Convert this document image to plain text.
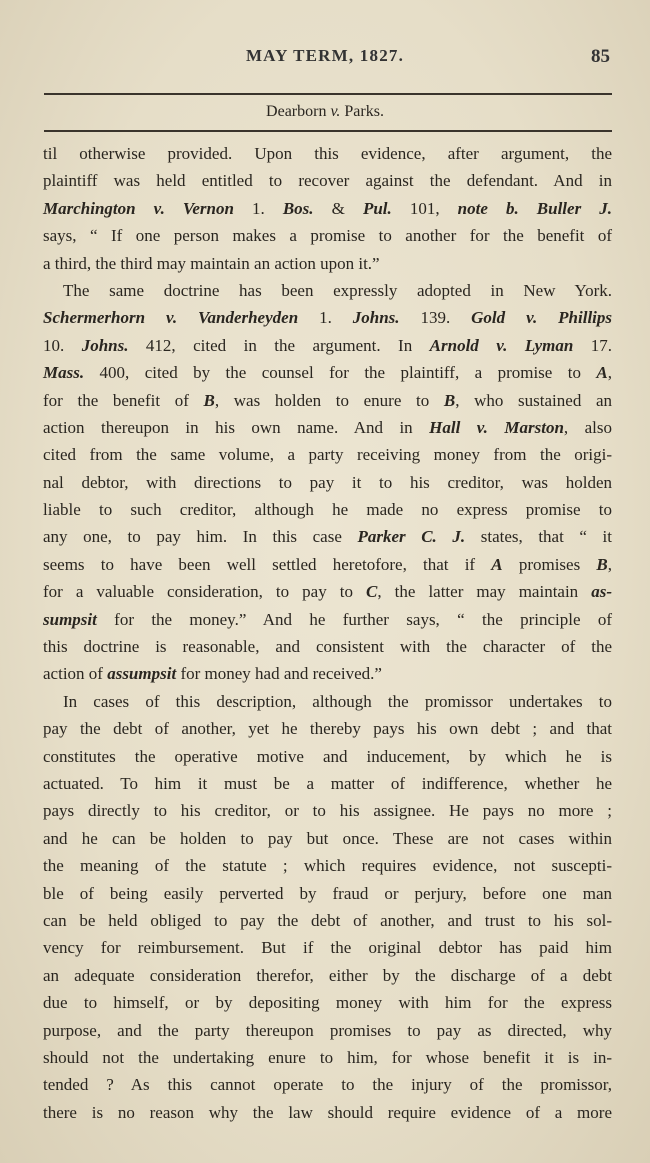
MAY TERM, 1827.	85
Dearborn v. Parks.
til otherwise provided. Upon this evidence, after argument, the
plaintiff was held entitled to recover against the defendant. And in
Marchington v. Vernon 1. Bos. & Pul. 101, note b. Buller J.
says, “ If one person makes a promise to another for the benefit of
a third, the third may maintain an action upon it.”
The same doctrine has been expressly adopted in New York.
Schermerhorn v. Vanderheyden 1. Johns. 139. Gold v. Phillips
10. Johns. 412, cited in the argument. In Arnold v. Lyman 17.
Mass. 400, cited by the counsel for the plaintiff, a promise to A,
for the benefit of B, was holden to enure to B, who sustained an
action thereupon in his own name. And in Hall v. Marston, also
cited from the same volume, a party receiving money from the origi-
nal debtor, with directions to pay it to his creditor, was holden
liable to such creditor, although he made no express promise to
any one, to pay him. In this case Parker C. J. states, that “ it
seems to have been well settled heretofore, that if A promises B,
for a valuable consideration, to pay to C, the latter may maintain as-
sumpsit for the money.” And he further says, “ the principle of
this doctrine is reasonable, and consistent with the character of the
action of assumpsit for money had and received.”
In cases of this description, although the promissor undertakes to
pay the debt of another, yet he thereby pays his own debt ; and that
constitutes the operative motive and inducement, by which he is
actuated. To him it must be a matter of indifference, whether he
pays directly to his creditor, or to his assignee. He pays no more ;
and he can be holden to pay but once. These are not cases within
the meaning of the statute ; which requires evidence, not suscepti-
ble of being easily perverted by fraud or perjury, before one man
can be held obliged to pay the debt of another, and trust to his sol-
vency for reimbursement. But if the original debtor has paid him
an adequate consideration therefor, either by the discharge of a debt
due to himself, or by depositing money with him for the express
purpose, and the party thereupon promises to pay as directed, why
should not the undertaking enure to him, for whose benefit it is in-
tended ? As this cannot operate to the injury of the promissor,
there is no reason why the law should require evidence of a more
